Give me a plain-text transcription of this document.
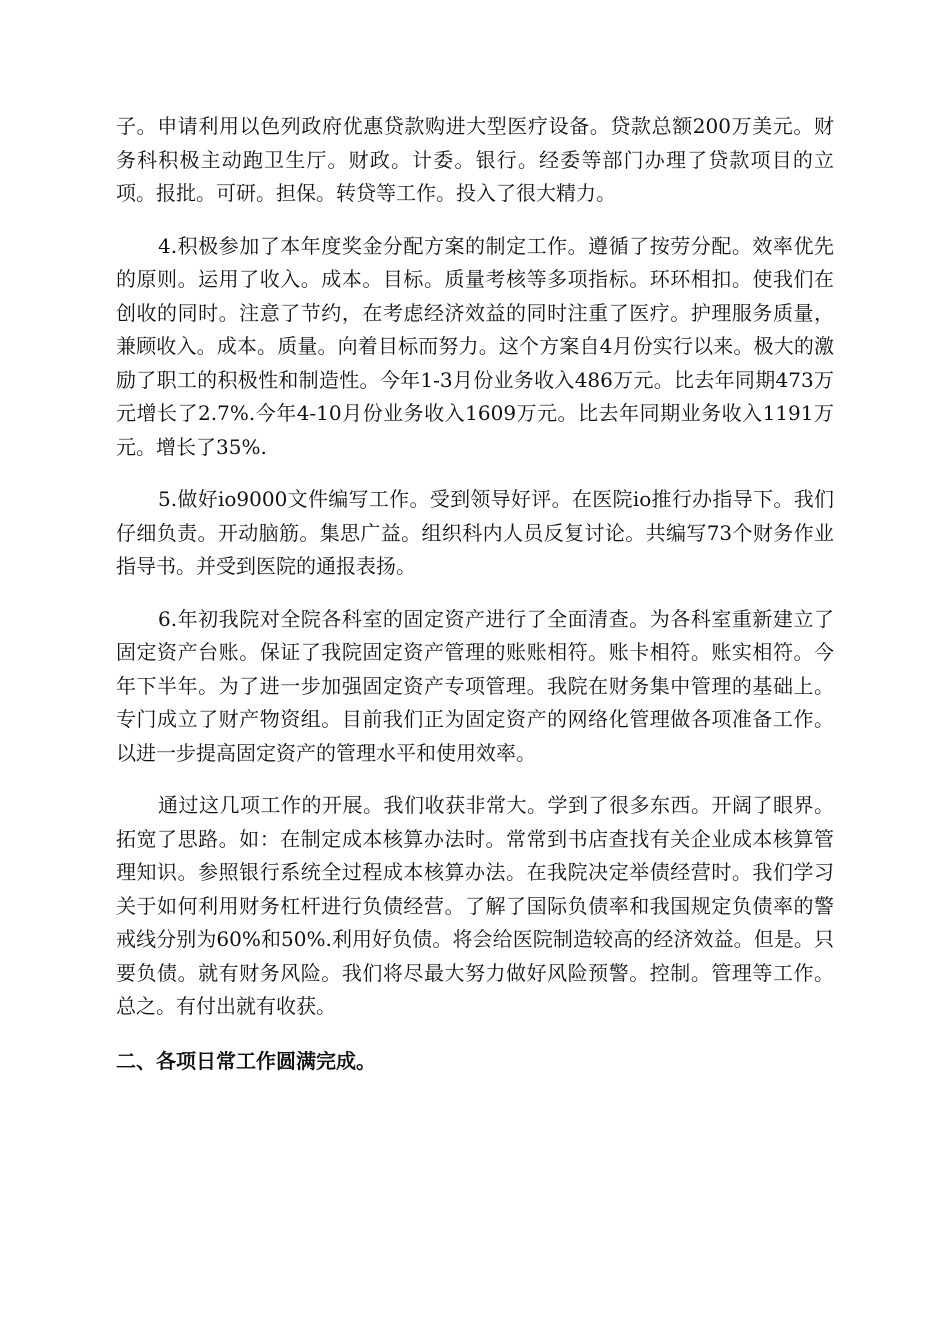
子。申请利用以色列政府优惠贷款购进大型医疗设备。贷款总额200万美元。财务科积极主动跑卫生厅。财政。计委。银行。经委等部门办理了贷款项目的立项。报批。可研。担保。转贷等工作。投入了很大精力。

4.积极参加了本年度奖金分配方案的制定工作。遵循了按劳分配。效率优先的原则。运用了收入。成本。目标。质量考核等多项指标。环环相扣。使我们在创收的同时。注意了节约，在考虑经济效益的同时注重了医疗。护理服务质量，兼顾收入。成本。质量。向着目标而努力。这个方案自4月份实行以来。极大的激励了职工的积极性和制造性。今年1-3月份业务收入486万元。比去年同期473万元增长了2.7%.今年4-10月份业务收入1609万元。比去年同期业务收入1191万元。增长了35%.

5.做好io9000文件编写工作。受到领导好评。在医院io推行办指导下。我们仔细负责。开动脑筋。集思广益。组织科内人员反复讨论。共编写73个财务作业指导书。并受到医院的通报表扬。

6.年初我院对全院各科室的固定资产进行了全面清查。为各科室重新建立了固定资产台账。保证了我院固定资产管理的账账相符。账卡相符。账实相符。今年下半年。为了进一步加强固定资产专项管理。我院在财务集中管理的基础上。专门成立了财产物资组。目前我们正为固定资产的网络化管理做各项准备工作。以进一步提高固定资产的管理水平和使用效率。

通过这几项工作的开展。我们收获非常大。学到了很多东西。开阔了眼界。拓宽了思路。如：在制定成本核算办法时。常常到书店查找有关企业成本核算管理知识。参照银行系统全过程成本核算办法。在我院决定举债经营时。我们学习关于如何利用财务杠杆进行负债经营。了解了国际负债率和我国规定负债率的警戒线分别为60%和50%.利用好负债。将会给医院制造较高的经济效益。但是。只要负债。就有财务风险。我们将尽最大努力做好风险预警。控制。管理等工作。总之。有付出就有收获。

二、各项日常工作圆满完成。
